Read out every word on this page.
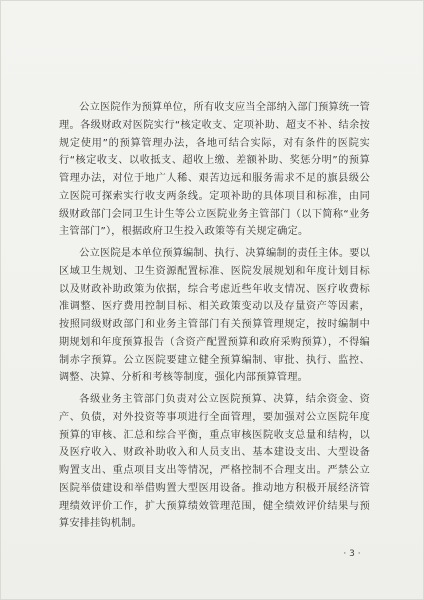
公立医院作为预算单位，所有收支应当全部纳入部门预算统一管理。各级财政对医院实行“核定收支、定项补助、超支不补、结余按规定使用”的预算管理办法，各地可结合实际，对有条件的医院实行“核定收支、以收抵支、超收上缴、差额补助、奖惩分明”的预算管理办法，对位于地广人稀、艰苦边远和服务需求不足的旗县级公立医院可探索实行收支两条线。定项补助的具体项目和标准，由同级财政部门会同卫生计生等公立医院业务主管部门（以下简称“业务主管部门”），根据政府卫生投入政策等有关规定确定。

公立医院是本单位预算编制、执行、决算编制的责任主体。要以区域卫生规划、卫生资源配置标准、医院发展规划和年度计划目标以及财政补助政策为依据，综合考虑近些年收支情况、医疗收费标准调整、医疗费用控制目标、相关政策变动以及存量资产等因素，按照同级财政部门和业务主管部门有关预算管理规定，按时编制中期规划和年度预算报告（含资产配置预算和政府采购预算），不得编制赤字预算。公立医院要建立健全预算编制、审批、执行、监控、调整、决算、分析和考核等制度，强化内部预算管理。

各级业务主管部门负责对公立医院预算、决算，结余资金、资产、负债，对外投资等事项进行全面管理，要加强对公立医院年度预算的审核、汇总和综合平衡，重点审核医院收支总量和结构，以及医疗收入、财政补助收入和人员支出、基本建设支出、大型设备购置支出、重点项目支出等情况，严格控制不合理支出。严禁公立医院举债建设和举借购置大型医用设备。推动地方积极开展经济管理绩效评价工作，扩大预算绩效管理范围，健全绩效评价结果与预算安排挂钩机制。

· 3 ·
